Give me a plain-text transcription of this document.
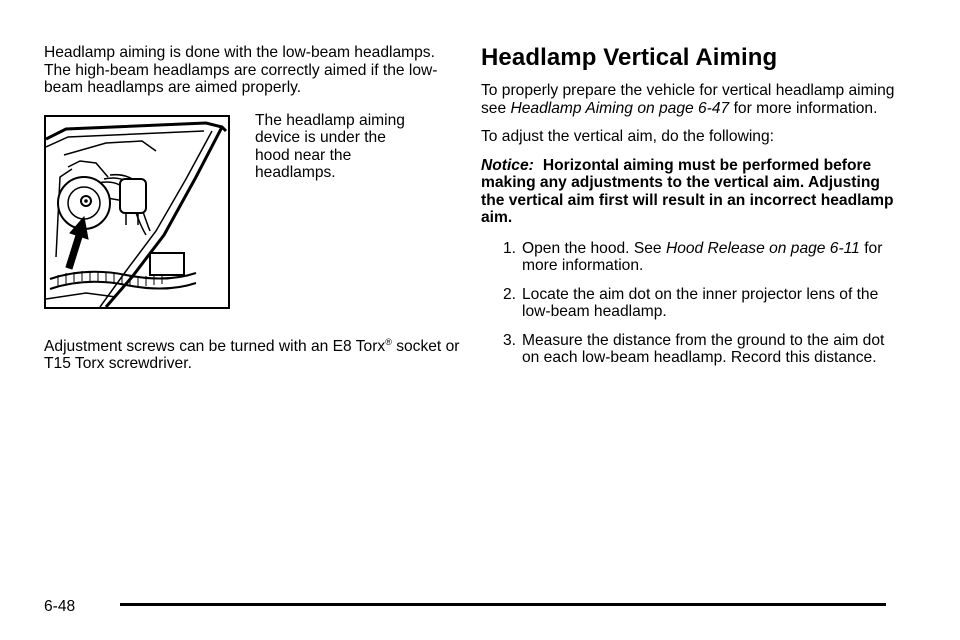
Headlamp aiming is done with the low-beam headlamps. The high-beam headlamps are correctly aimed if the low-beam headlamps are aimed properly.

The headlamp aiming device is under the hood near the headlamps.

Adjustment screws can be turned with an E8 Torx® socket or T15 Torx screwdriver.

Headlamp Vertical Aiming

To properly prepare the vehicle for vertical headlamp aiming see Headlamp Aiming on page 6-47 for more information.

To adjust the vertical aim, do the following:

Notice: Horizontal aiming must be performed before making any adjustments to the vertical aim. Adjusting the vertical aim first will result in an incorrect headlamp aim.

1. Open the hood. See Hood Release on page 6-11 for more information.
2. Locate the aim dot on the inner projector lens of the low-beam headlamp.
3. Measure the distance from the ground to the aim dot on each low-beam headlamp. Record this distance.
6-48
